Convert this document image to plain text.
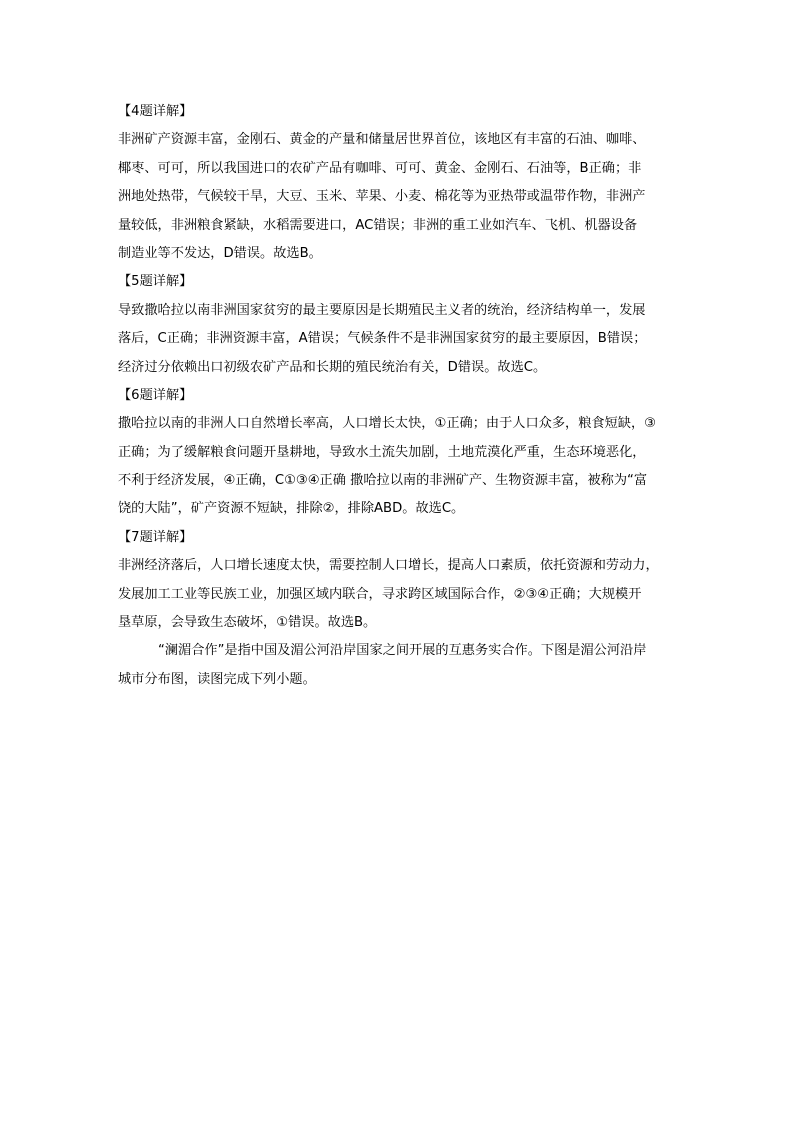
【4题详解】
非洲矿产资源丰富，金刚石、黄金的产量和储量居世界首位，该地区有丰富的石油、咖啡、
椰枣、可可，所以我国进口的农矿产品有咖啡、可可、黄金、金刚石、石油等，B正确；非
洲地处热带，气候较干旱，大豆、玉米、苹果、小麦、棉花等为亚热带或温带作物，非洲产
量较低，非洲粮食紧缺，水稻需要进口，AC错误；非洲的重工业如汽车、飞机、机器设备
制造业等不发达，D错误。故选B。
【5题详解】
导致撒哈拉以南非洲国家贫穷的最主要原因是长期殖民主义者的统治，经济结构单一，发展
落后，C正确；非洲资源丰富，A错误；气候条件不是非洲国家贫穷的最主要原因，B错误；
经济过分依赖出口初级农矿产品和长期的殖民统治有关，D错误。故选C。
【6题详解】
撒哈拉以南的非洲人口自然增长率高，人口增长太快，①正确；由于人口众多，粮食短缺，③
正确；为了缓解粮食问题开垦耕地，导致水土流失加剧，土地荒漠化严重，生态环境恶化，
不利于经济发展，④正确，C①③④正确 撒哈拉以南的非洲矿产、生物资源丰富，被称为“富
饶的大陆”，矿产资源不短缺，排除②，排除ABD。故选C。
【7题详解】
非洲经济落后，人口增长速度太快，需要控制人口增长，提高人口素质，依托资源和劳动力，
发展加工工业等民族工业，加强区域内联合，寻求跨区域国际合作，②③④正确；大规模开
垦草原，会导致生态破坏，①错误。故选B。
“澜湄合作”是指中国及湄公河沿岸国家之间开展的互惠务实合作。下图是湄公河沿岸
城市分布图，读图完成下列小题。
